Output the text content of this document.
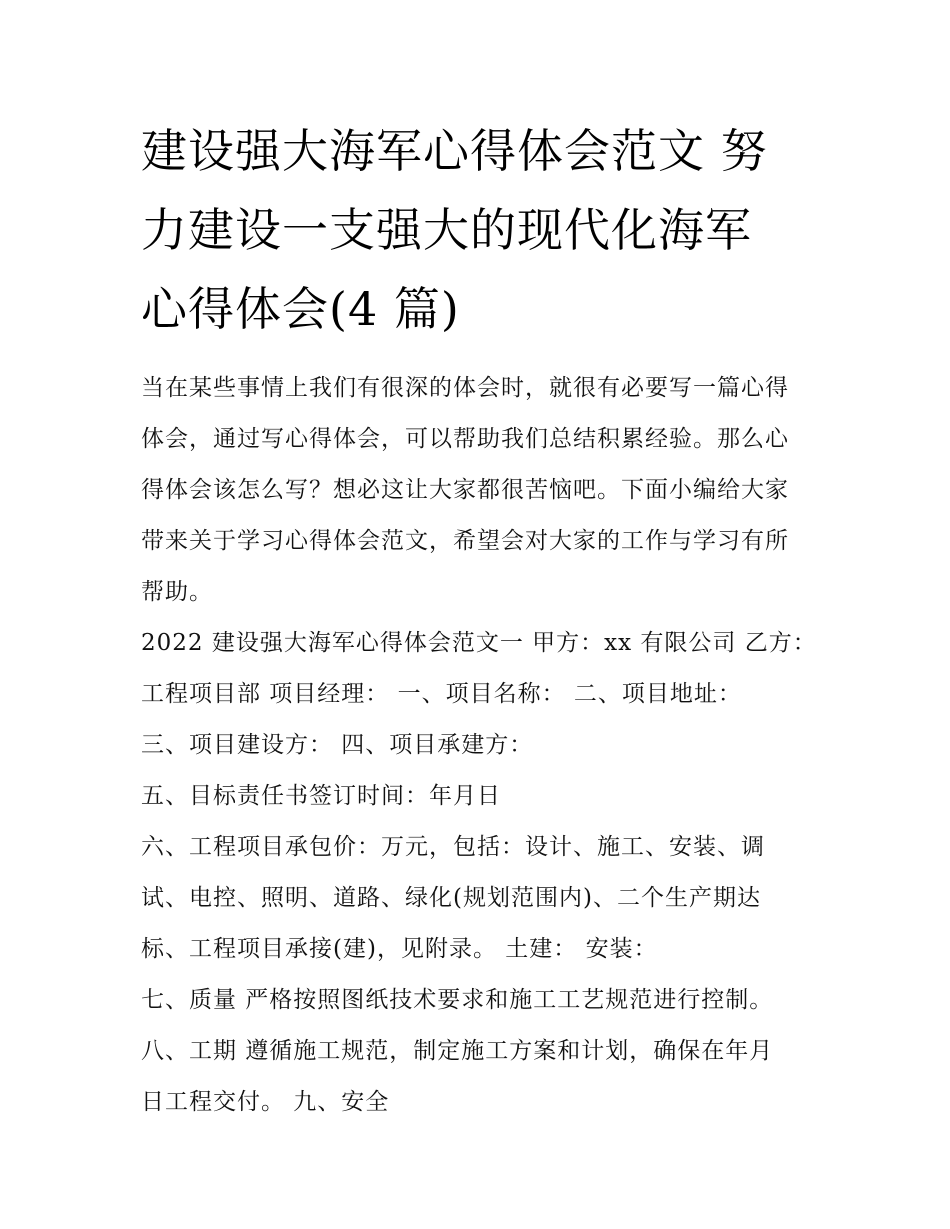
建设强大海军心得体会范文 努
力建设一支强大的现代化海军
心得体会(4 篇)

当在某些事情上我们有很深的体会时，就很有必要写一篇心得
体会，通过写心得体会，可以帮助我们总结积累经验。那么心
得体会该怎么写？想必这让大家都很苦恼吧。下面小编给大家
带来关于学习心得体会范文，希望会对大家的工作与学习有所
帮助。

2022 建设强大海军心得体会范文一 甲方：xx 有限公司 乙方：
工程项目部 项目经理： 一、项目名称： 二、项目地址：
三、项目建设方： 四、项目承建方：
五、目标责任书签订时间：年月日
六、工程项目承包价：万元，包括：设计、施工、安装、调
试、电控、照明、道路、绿化(规划范围内)、二个生产期达
标、工程项目承接(建)，见附录。 土建： 安装：
七、质量 严格按照图纸技术要求和施工工艺规范进行控制。
八、工期 遵循施工规范，制定施工方案和计划，确保在年月
日工程交付。 九、安全
